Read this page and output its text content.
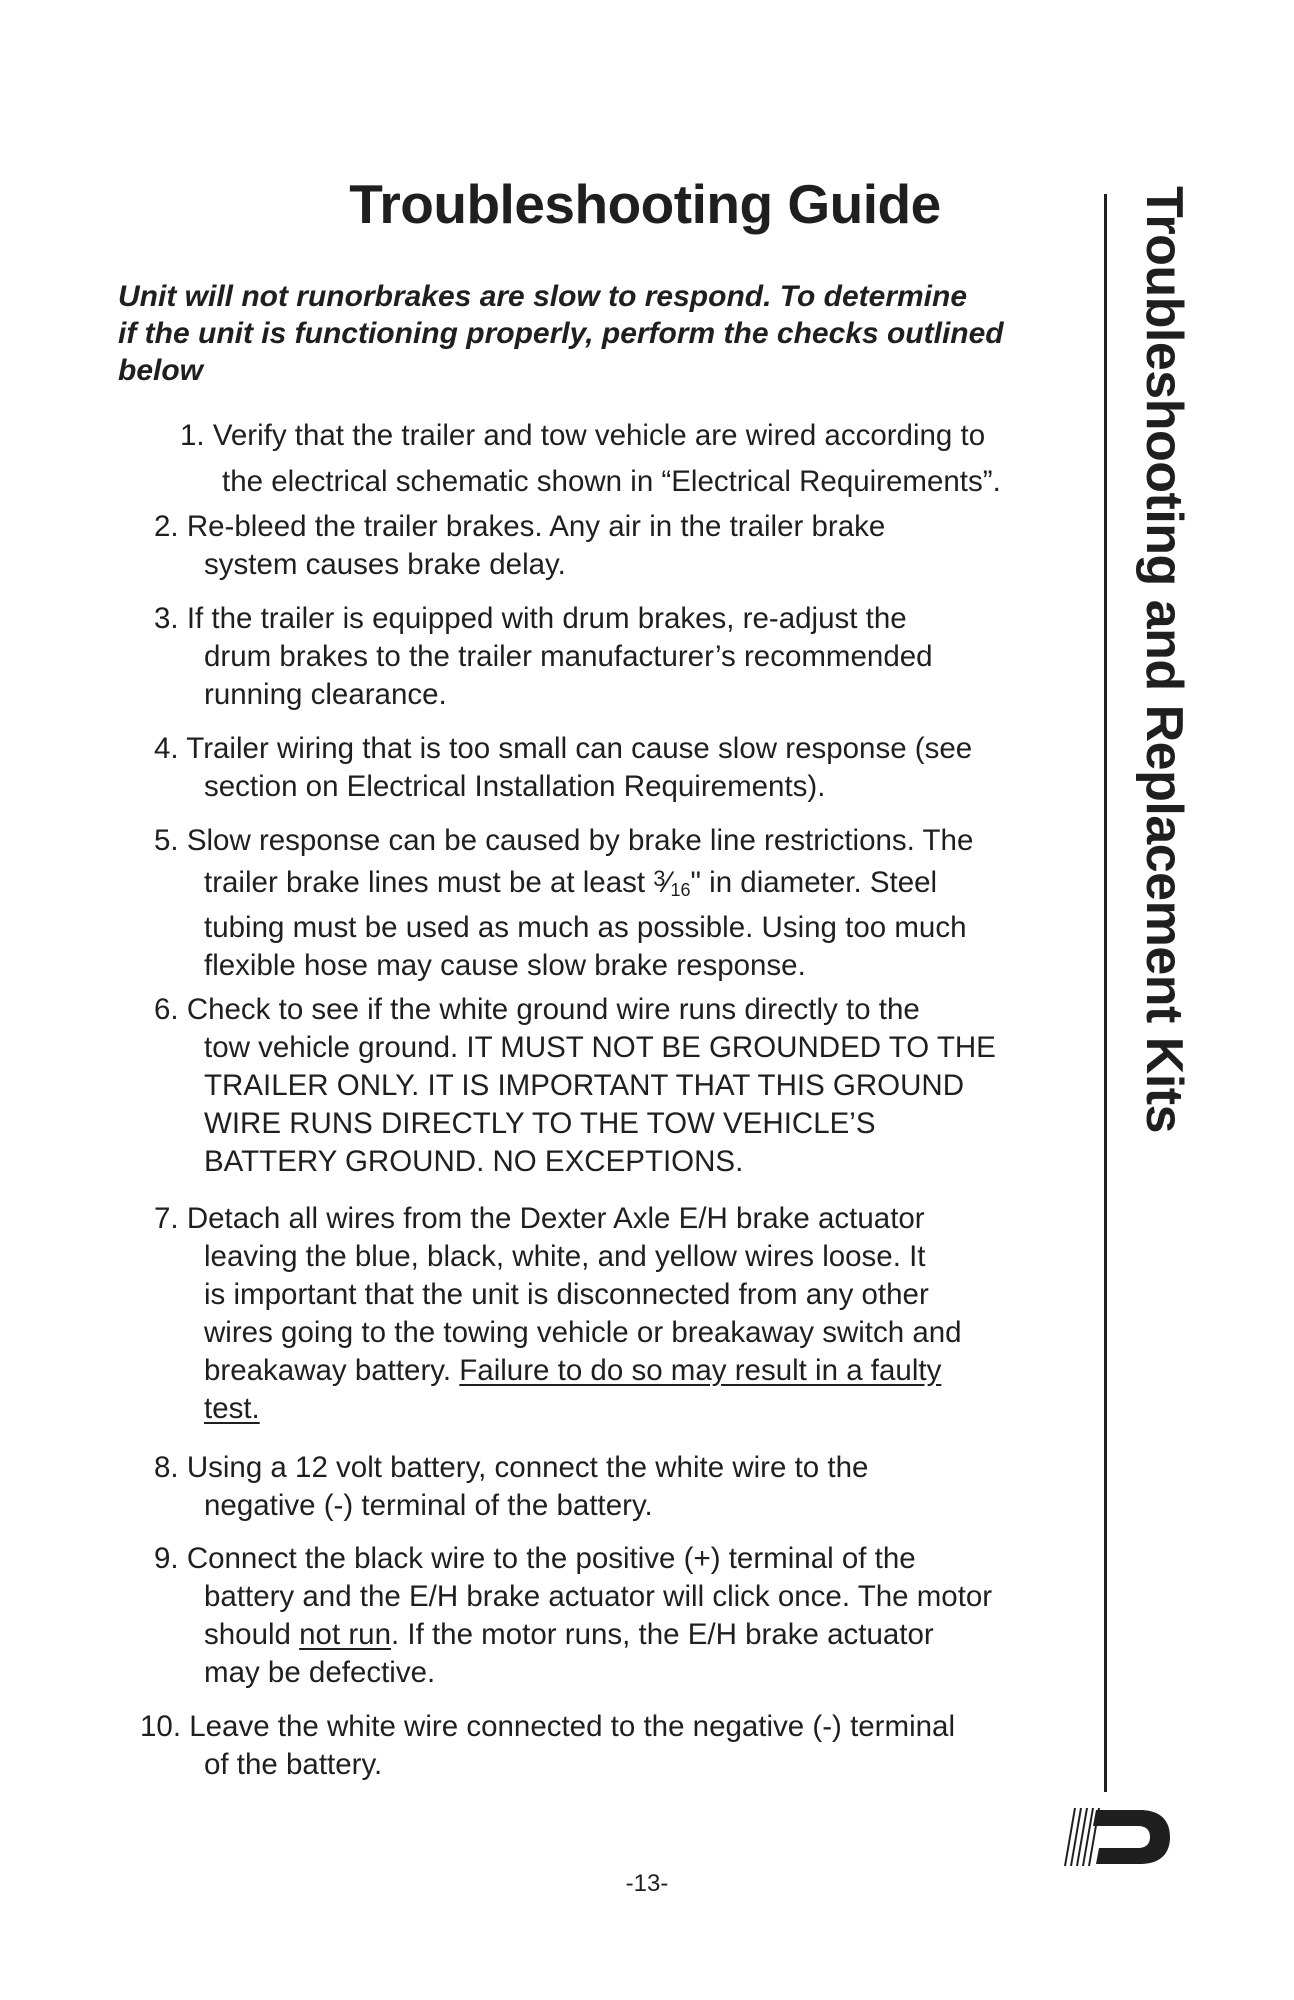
Troubleshooting Guide
Unit will not runorbrakes are slow to respond. To determine
if the unit is functioning properly, perform the checks outlined
below
1. Verify that the trailer and tow vehicle are wired according to
the electrical schematic shown in “Electrical Requirements”.
2. Re-bleed the trailer brakes. Any air in the trailer brake
system causes brake delay.
3. If the trailer is equipped with drum brakes, re-adjust the
drum brakes to the trailer manufacturer’s recommended
running clearance.
4. Trailer wiring that is too small can cause slow response (see
section on Electrical Installation Requirements).
5. Slow response can be caused by brake line restrictions. The
trailer brake lines must be at least $^3$⁄16" in diameter. Steel
tubing must be used as much as possible. Using too much
flexible hose may cause slow brake response.
6. Check to see if the white ground wire runs directly to the
tow vehicle ground. IT MUST NOT BE GROUNDED TO THE
TRAILER ONLY. IT IS IMPORTANT THAT THIS GROUND
WIRE RUNS DIRECTLY TO THE TOW VEHICLE’S
BATTERY GROUND. NO EXCEPTIONS.
7. Detach all wires from the Dexter Axle E/H brake actuator
leaving the blue, black, white, and yellow wires loose. It
is important that the unit is disconnected from any other
wires going to the towing vehicle or breakaway switch and
breakaway battery. Failure to do so may result in a faulty
test.
8. Using a 12 volt battery, connect the white wire to the
negative (-) terminal of the battery.
9. Connect the black wire to the positive (+) terminal of the
battery and the E/H brake actuator will click once. The motor
should not run. If the motor runs, the E/H brake actuator
may be defective.
10. Leave the white wire connected to the negative (-) terminal
of the battery.
Troubleshooting and Replacement Kits
-13-
